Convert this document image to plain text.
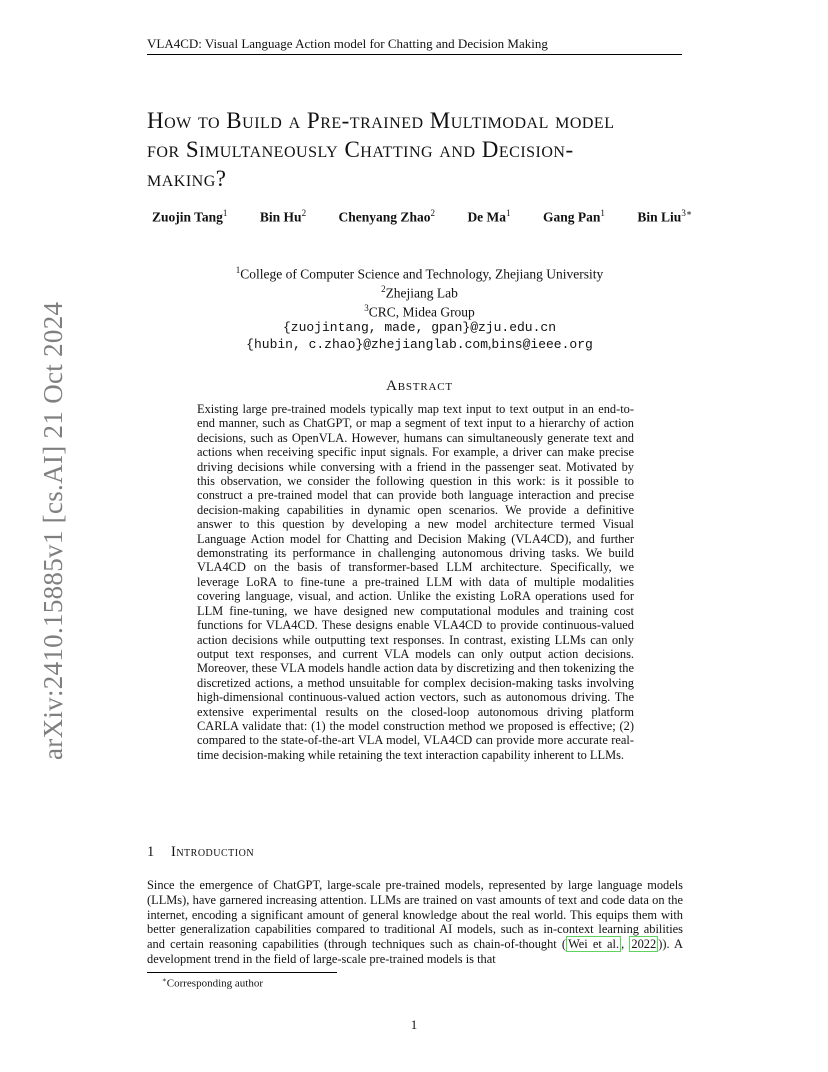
VLA4CD: Visual Language Action model for Chatting and Decision Making
arXiv:2410.15885v1 [cs.AI] 21 Oct 2024
How to Build a Pre-trained Multimodal model
for Simultaneously Chatting and Decision-
making?
Zuojin Tang$^1$ Bin Hu$^2$ Chenyang Zhao$^2$ De Ma$^1$ Gang Pan$^1$ Bin Liu$^{3∗}$
$^1$College of Computer Science and Technology, Zhejiang University
$^2$Zhejiang Lab
$^3$CRC, Midea Group
{zuojintang, made, gpan}@zju.edu.cn
{hubin, c.zhao}@zhejianglab.com,bins@ieee.org
Abstract

Existing large pre-trained models typically map text input to text output in an end-to-end manner, such as ChatGPT, or map a segment of text input to a hierarchy of action decisions, such as OpenVLA. However, humans can simultaneously generate text and actions when receiving specific input signals. For example, a driver can make precise driving decisions while conversing with a friend in the passenger seat. Motivated by this observation, we consider the following question in this work: is it possible to construct a pre-trained model that can provide both language interaction and precise decision-making capabilities in dynamic open scenarios. We provide a definitive answer to this question by developing a new model architecture termed Visual Language Action model for Chatting and Decision Making (VLA4CD), and further demonstrating its performance in challenging autonomous driving tasks. We build VLA4CD on the basis of transformer-based LLM architecture. Specifically, we leverage LoRA to fine-tune a pre-trained LLM with data of multiple modalities covering language, visual, and action. Unlike the existing LoRA operations used for LLM fine-tuning, we have designed new computational modules and training cost functions for VLA4CD. These designs enable VLA4CD to provide continuous-valued action decisions while outputting text responses. In contrast, existing LLMs can only output text responses, and current VLA models can only output action decisions. Moreover, these VLA models handle action data by discretizing and then tokenizing the discretized actions, a method unsuitable for complex decision-making tasks involving high-dimensional continuous-valued action vectors, such as autonomous driving. The extensive experimental results on the closed-loop autonomous driving platform CARLA validate that: (1) the model construction method we proposed is effective; (2) compared to the state-of-the-art VLA model, VLA4CD can provide more accurate real-time decision-making while retaining the text interaction capability inherent to LLMs.

1 Introduction

Since the emergence of ChatGPT, large-scale pre-trained models, represented by large language models (LLMs), have garnered increasing attention. LLMs are trained on vast amounts of text and code data on the internet, encoding a significant amount of general knowledge about the real world. This equips them with better generalization capabilities compared to traditional AI models, such as in-context learning abilities and certain reasoning capabilities (through techniques such as chain-of-thought ( Wei et al. , 2022 )). A development trend in the field of large-scale pre-trained models is that

∗Corresponding author
1
